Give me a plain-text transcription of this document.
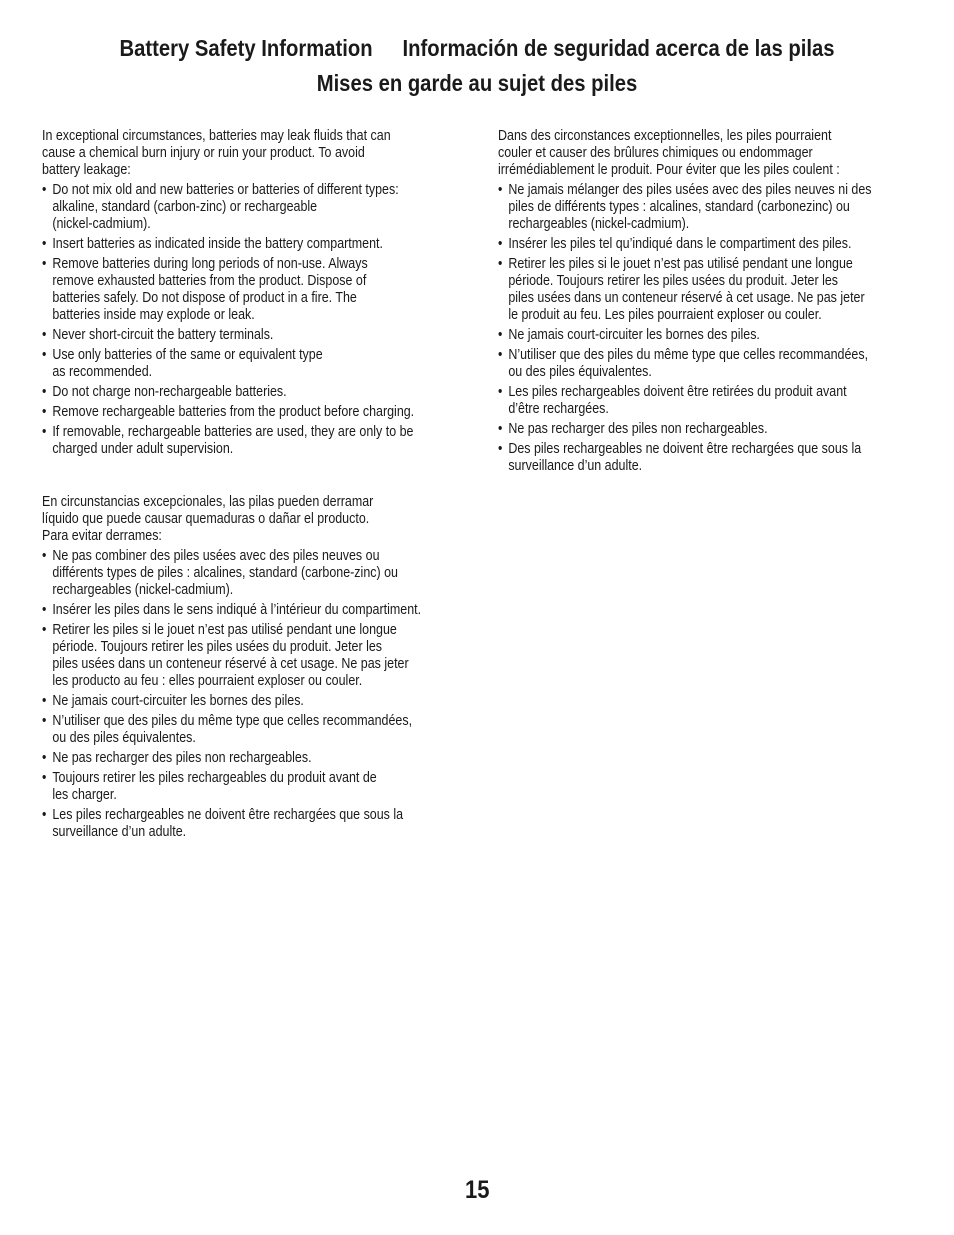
Battery Safety Information Información de seguridad acerca de las pilas
Mises en garde au sujet des piles

In exceptional circumstances, batteries may leak fluids that can
cause a chemical burn injury or ruin your product. To avoid
battery leakage:

• Do not mix old and new batteries or batteries of different types:
alkaline, standard (carbon-zinc) or rechargeable
(nickel-cadmium).
• Insert batteries as indicated inside the battery compartment.
• Remove batteries during long periods of non-use. Always
remove exhausted batteries from the product. Dispose of
batteries safely. Do not dispose of product in a fire. The
batteries inside may explode or leak.
• Never short-circuit the battery terminals.
• Use only batteries of the same or equivalent type
as recommended.
• Do not charge non-rechargeable batteries.
• Remove rechargeable batteries from the product before charging.
• If removable, rechargeable batteries are used, they are only to be
charged under adult supervision.

En circunstancias excepcionales, las pilas pueden derramar
líquido que puede causar quemaduras o dañar el producto.
Para evitar derrames:

• Ne pas combiner des piles usées avec des piles neuves ou
différents types de piles : alcalines, standard (carbone-zinc) ou
rechargeables (nickel-cadmium).
• Insérer les piles dans le sens indiqué à l’intérieur du compartiment.
• Retirer les piles si le jouet n’est pas utilisé pendant une longue
période. Toujours retirer les piles usées du produit. Jeter les
piles usées dans un conteneur réservé à cet usage. Ne pas jeter
les producto au feu : elles pourraient exploser ou couler.
• Ne jamais court-circuiter les bornes des piles.
• N’utiliser que des piles du même type que celles recommandées,
ou des piles équivalentes.
• Ne pas recharger des piles non rechargeables.
• Toujours retirer les piles rechargeables du produit avant de
les charger.
• Les piles rechargeables ne doivent être rechargées que sous la
surveillance d’un adulte.

Dans des circonstances exceptionnelles, les piles pourraient
couler et causer des brûlures chimiques ou endommager
irrémédiablement le produit. Pour éviter que les piles coulent :

• Ne jamais mélanger des piles usées avec des piles neuves ni des
piles de différents types : alcalines, standard (carbonezinc) ou
rechargeables (nickel-cadmium).
• Insérer les piles tel qu’indiqué dans le compartiment des piles.
• Retirer les piles si le jouet n’est pas utilisé pendant une longue
période. Toujours retirer les piles usées du produit. Jeter les
piles usées dans un conteneur réservé à cet usage. Ne pas jeter
le produit au feu. Les piles pourraient exploser ou couler.
• Ne jamais court-circuiter les bornes des piles.
• N’utiliser que des piles du même type que celles recommandées,
ou des piles équivalentes.
• Les piles rechargeables doivent être retirées du produit avant
d’être rechargées.
• Ne pas recharger des piles non rechargeables.
• Des piles rechargeables ne doivent être rechargées que sous la
surveillance d’un adulte.
15
